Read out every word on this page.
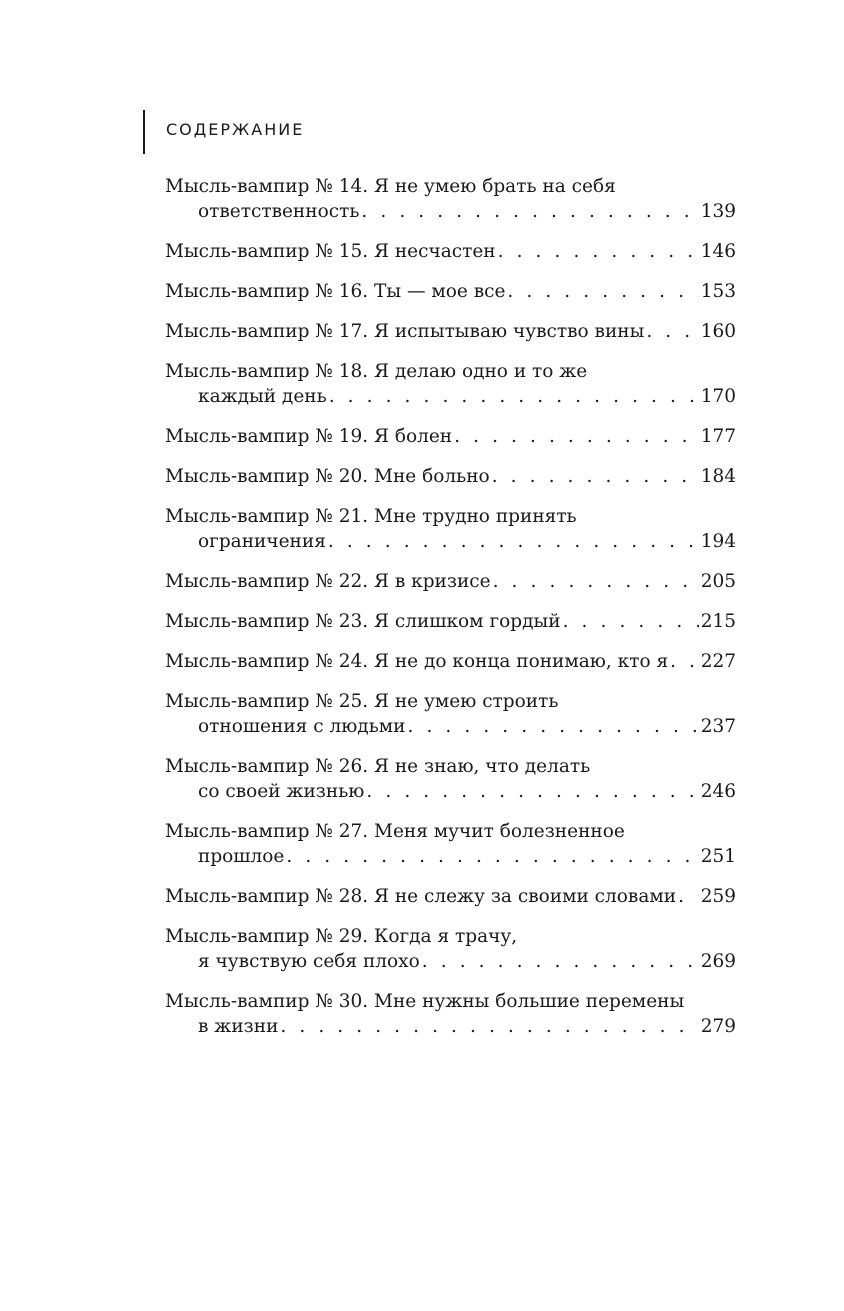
СОДЕРЖАНИЕ
Мысль-вампир № 14. Я не умею брать на себя
ответственность . . .	139
Мысль-вампир № 15. Я несчастен . . .	146
Мысль-вампир № 16. Ты — мое все . . .	153
Мысль-вампир № 17. Я испытываю чувство вины . . .	160
Мысль-вампир № 18. Я делаю одно и то же
каждый день . . .	170
Мысль-вампир № 19. Я болен . . .	177
Мысль-вампир № 20. Мне больно . . .	184
Мысль-вампир № 21. Мне трудно принять
ограничения . . .	194
Мысль-вампир № 22. Я в кризисе . . .	205
Мысль-вампир № 23. Я слишком гордый . . .	215
Мысль-вампир № 24. Я не до конца понимаю, кто я . . . 227
Мысль-вампир № 25. Я не умею строить
отношения с людьми . . .	237
Мысль-вампир № 26. Я не знаю, что делать
со своей жизнью . . .	246
Мысль-вампир № 27. Меня мучит болезненное
прошлое . . .	251
Мысль-вампир № 28. Я не слежу за своими словами . . . 259
Мысль-вампир № 29. Когда я трачу,
я чувствую себя плохо . . .	269
Мысль-вампир № 30. Мне нужны большие перемены
в жизни . . .	279
